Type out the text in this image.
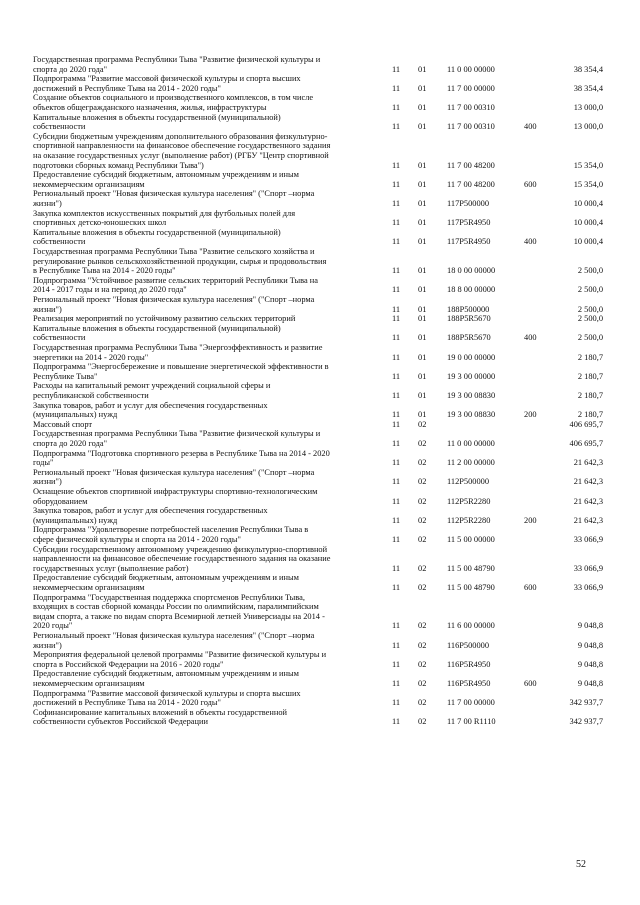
Государственная программа Республики Тыва "Развитие физической культуры и
спорта до 2020 года"	11	01	11 0 00 00000	38 354,4
Подпрограмма "Развитие массовой физической культуры и спорта высших
достижений в Республике Тыва на 2014 - 2020 годы"	11	01	11 7 00 00000	38 354,4
Создание объектов социального и производственного комплексов, в том числе
объектов общегражданского назначения, жилья, инфраструктуры	11	01	11 7 00 00310	13 000,0
Капитальные вложения в объекты государственной (муниципальной)
собственности	11	01	11 7 00 00310	400	13 000,0
Субсидии бюджетным учреждениям дополнительного образования физкультурно-
спортивной направленности на финансовое обеспечение государственного задания
на оказание государственных услуг (выполнение работ) (РГБУ "Центр спортивной
подготовки сборных команд Республики Тыва")	11	01	11 7 00 48200	15 354,0
Предоставление субсидий бюджетным, автономным учреждениям и иным
некоммерческим организациям	11	01	11 7 00 48200	600	15 354,0
Региональный проект "Новая физическая культура населения" ("Спорт –норма
жизни")	11	01	117P500000	10 000,4
Закупка комплектов искусственных покрытий для футбольных полей для
спортивных детско-юношеских школ	11	01	117P5R4950	10 000,4
Капитальные вложения в объекты государственной (муниципальной)
собственности	11	01	117P5R4950	400	10 000,4
Государственная программа Республики Тыва "Развитие сельского хозяйства и
регулирование рынков сельскохозяйственной продукции, сырья и продовольствия
в Республике Тыва на 2014 - 2020 годы"	11	01	18 0 00 00000	2 500,0
Подпрограмма "Устойчивое развитие сельских территорий Республики Тыва на
2014 - 2017 годы и на период до 2020 года"	11	01	18 8 00 00000	2 500,0
Региональный проект "Новая физическая культура населения" ("Спорт –норма
жизни")	11	01	188P500000	2 500,0
Реализация мероприятий по устойчивому развитию сельских территорий	11	01	188P5R5670	2 500,0
Капитальные вложения в объекты государственной (муниципальной)
собственности	11	01	188P5R5670	400	2 500,0
Государственная программа Республики Тыва "Энергоэффективность и развитие
энергетики на 2014 - 2020 годы"	11	01	19 0 00 00000	2 180,7
Подпрограмма "Энергосбережение и повышение энергетической эффективности в
Республике Тыва"	11	01	19 3 00 00000	2 180,7
Расходы на капитальный ремонт учреждений социальной сферы и
республиканской собственности	11	01	19 3 00 08830	2 180,7
Закупка товаров, работ и услуг для обеспечения государственных
(муниципальных) нужд	11	01	19 3 00 08830	200	2 180,7
Массовый спорт	11	02	406 695,7
Государственная программа Республики Тыва "Развитие физической культуры и
спорта до 2020 года"	11	02	11 0 00 00000	406 695,7
Подпрограмма "Подготовка спортивного резерва в Республике Тыва на 2014 - 2020
годы"	11	02	11 2 00 00000	21 642,3
Региональный проект "Новая физическая культура населения" ("Спорт –норма
жизни")	11	02	112P500000	21 642,3
Оснащение объектов спортивной инфраструктуры спортивно-технологическим
оборудованием	11	02	112P5R2280	21 642,3
Закупка товаров, работ и услуг для обеспечения государственных
(муниципальных) нужд	11	02	112P5R2280	200	21 642,3
Подпрограмма "Удовлетворение потребностей населения Республики Тыва в
сфере физической культуры и спорта на 2014 - 2020 годы"	11	02	11 5 00 00000	33 066,9
Субсидии государственному автономному учреждению физкультурно-спортивной
направленности на финансовое обеспечение государственного задания на оказание
государственных услуг (выполнение работ)	11	02	11 5 00 48790	33 066,9
Предоставление субсидий бюджетным, автономным учреждениям и иным
некоммерческим организациям	11	02	11 5 00 48790	600	33 066,9
Подпрограмма "Государственная поддержка спортсменов Республики Тыва,
входящих в состав сборной команды России по олимпийским, паралимпийским
видам спорта, а также по видам спорта Всемирной летней Универсиады на 2014 -
2020 годы"	11	02	11 6 00 00000	9 048,8
Региональный проект "Новая физическая культура населения" ("Спорт –норма
жизни")	11	02	116P500000	9 048,8
Мероприятия федеральной целевой программы "Развитие физической культуры и
спорта в Российской Федерации на 2016 - 2020 годы"	11	02	116P5R4950	9 048,8
Предоставление субсидий бюджетным, автономным учреждениям и иным
некоммерческим организациям	11	02	116P5R4950	600	9 048,8
Подпрограмма "Развитие массовой физической культуры и спорта высших
достижений в Республике Тыва на 2014 - 2020 годы"	11	02	11 7 00 00000	342 937,7
Софинансирование капитальных вложений в объекты государственной
собственности субъектов Российской Федерации	11	02	11 7 00 R1110	342 937,7
52
